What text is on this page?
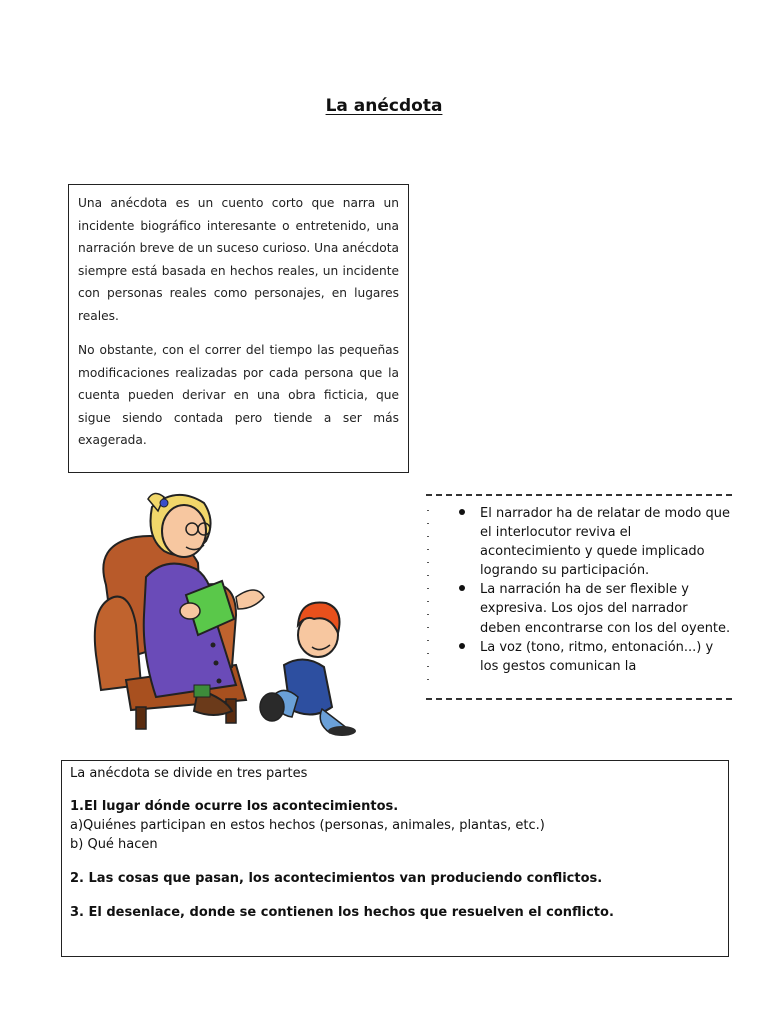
La anécdota

Una anécdota es un cuento corto que narra un incidente biográfico interesante o entretenido, una narración breve de un suceso curioso. Una anécdota siempre está basada en hechos reales, un incidente con personas reales como personajes, en lugares reales.

No obstante, con el correr del tiempo las pequeñas modificaciones realizadas por cada persona que la cuenta pueden derivar en una obra ficticia, que sigue siendo contada pero tiende a ser más exagerada.

El narrador ha de relatar de modo que el interlocutor reviva el acontecimiento y quede implicado logrando su participación.
La narración ha de ser flexible y expresiva. Los ojos del narrador deben encontrarse con los del oyente.
La voz (tono, ritmo, entonación...) y los gestos comunican la
La anécdota se divide en tres partes
1.El lugar dónde ocurre los acontecimientos.
a)Quiénes participan en estos hechos (personas, animales, plantas, etc.)
b) Qué hacen
2. Las cosas que pasan, los acontecimientos van produciendo conflictos.
3. El desenlace, donde se contienen los hechos que resuelven el conflicto.
